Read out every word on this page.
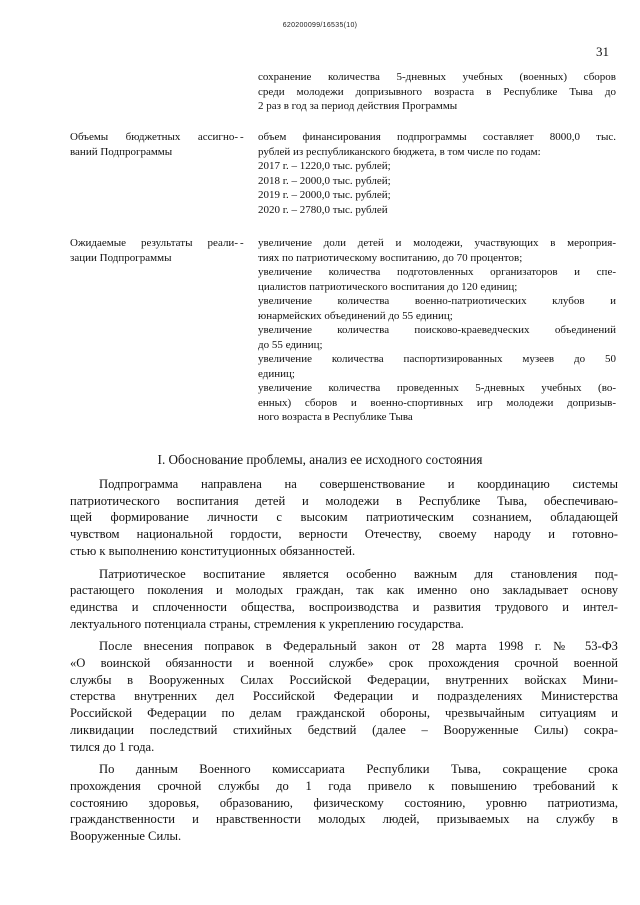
620200099/16535(10)
31
сохранение количества 5-дневных учебных (военных) сборов
среди молодежи допризывного возраста в Республике Тыва до
2 раз в год за период действия Программы
Объемы бюджетных ассигно-
ваний Подпрограммы
-	объем финансирования подпрограммы составляет 8000,0 тыс.
рублей из республиканского бюджета, в том числе по годам:
2017 г. – 1220,0 тыс. рублей;
2018 г. – 2000,0 тыс. рублей;
2019 г. – 2000,0 тыс. рублей;
2020 г. – 2780,0 тыс. рублей
Ожидаемые результаты реали-
зации Подпрограммы
-	увеличение доли детей и молодежи, участвующих в мероприя-
тиях по патриотическому воспитанию, до 70 процентов;
увеличение количества подготовленных организаторов и спе-
циалистов патриотического воспитания до 120 единиц;
увеличение количества военно-патриотических клубов и
юнармейских объединений до 55 единиц;
увеличение количества поисково-краеведческих объединений
до 55 единиц;
увеличение количества паспортизированных музеев до 50
единиц;
увеличение количества проведенных 5-дневных учебных (во-
енных) сборов и военно-спортивных игр молодежи допризыв-
ного возраста в Республике Тыва
I. Обоснование проблемы, анализ ее исходного состояния
Подпрограмма направлена на совершенствование и координацию системы
патриотического воспитания детей и молодежи в Республике Тыва, обеспечиваю-
щей формирование личности с высоким патриотическим сознанием, обладающей
чувством национальной гордости, верности Отечеству, своему народу и готовно-
стью к выполнению конституционных обязанностей.
Патриотическое воспитание является особенно важным для становления под-
растающего поколения и молодых граждан, так как именно оно закладывает основу
единства и сплоченности общества, воспроизводства и развития трудового и интел-
лектуального потенциала страны, стремления к укреплению государства.
После внесения поправок в Федеральный закон от 28 марта 1998 г. № 53-ФЗ
«О воинской обязанности и военной службе» срок прохождения срочной военной
службы в Вооруженных Силах Российской Федерации, внутренних войсках Мини-
стерства внутренних дел Российской Федерации и подразделениях Министерства
Российской Федерации по делам гражданской обороны, чрезвычайным ситуациям и
ликвидации последствий стихийных бедствий (далее – Вооруженные Силы) сокра-
тился до 1 года.
По данным Военного комиссариата Республики Тыва, сокращение срока
прохождения срочной службы до 1 года привело к повышению требований к
состоянию здоровья, образованию, физическому состоянию, уровню патриотизма,
гражданственности и нравственности молодых людей, призываемых на службу в
Вооруженные Силы.
